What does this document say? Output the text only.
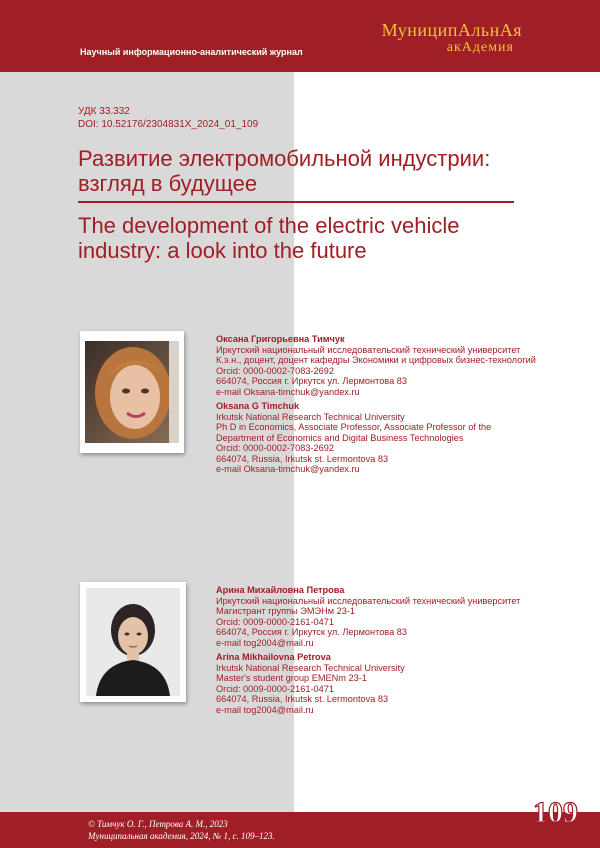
Научный информационно-аналитический журнал
МуниципАльнАя
акАдемия
УДК 33.332
DOI: 10.52176/2304831X_2024_01_109
Развитие электромобильной индустрии: взгляд в будущее
The development of the electric vehicle industry: a look into the future
Оксана Григорьевна Тимчук
Иркутский национальный исследовательский технический университет
К.э.н., доцент, доцент кафедры Экономики и цифровых бизнес-технологий
Orcid: 0000-0002-7083-2692
664074, Россия г. Иркутск ул. Лермонтова 83
e-mail Oksana-timchuk@yandex.ru
Oksana G Timchuk
Irkutsk National Research Technical University
Ph D in Economics, Associate Professor, Associate Professor of the Department of Economics and Digital Business Technologies
Orcid: 0000-0002-7083-2692
664074, Russia, Irkutsk st. Lermontova 83
e-mail Oksana-timchuk@yandex.ru
Арина Михайловна Петрова
Иркутский национальный исследовательский технический университет
Магистрант группы ЭМЭНм 23-1
Orcid: 0009-0000-2161-0471
664074, Россия г. Иркутск ул. Лермонтова 83
e-mail tog2004@mail.ru
Arina Mikhailovna Petrova
Irkutsk National Research Technical University
Master's student group EMENm 23-1
Orcid: 0009-0000-2161-0471
664074, Russia, Irkutsk st. Lermontova 83
e-mail tog2004@mail.ru
© Тимчук О. Г., Петрова А. М., 2023
Муниципальная академия, 2024, № 1, с. 109–123.
109
